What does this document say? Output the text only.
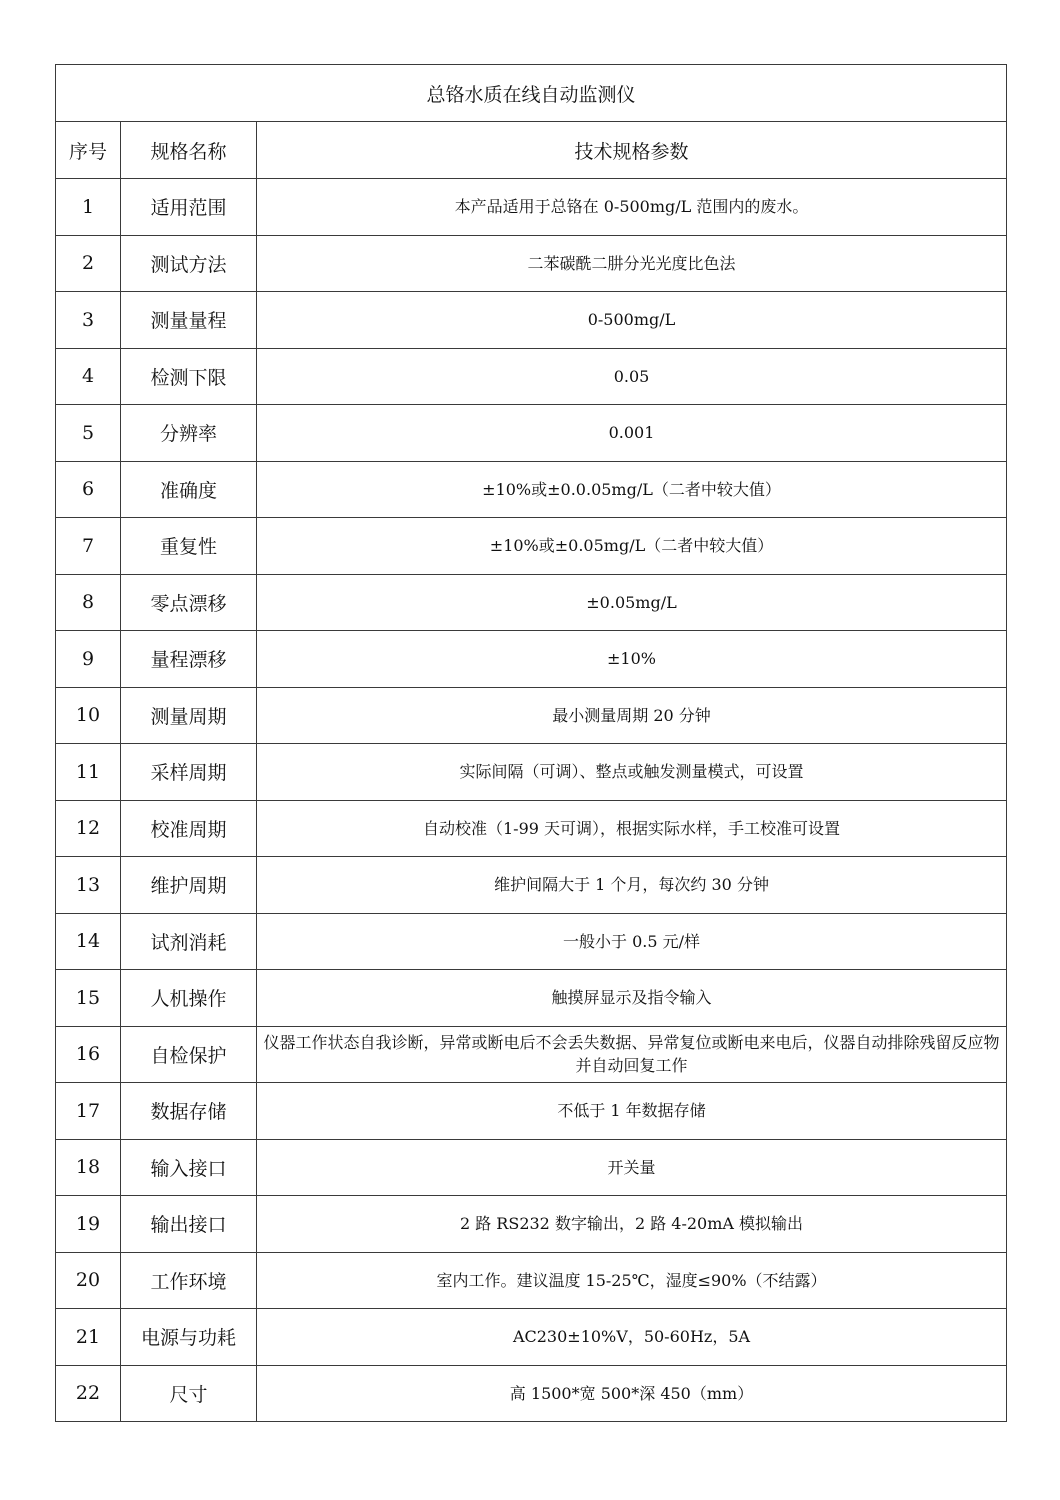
总铬水质在线自动监测仪		
序号	规格名称	技术规格参数
1	适用范围	本产品适用于总铬在 0-500mg/L 范围内的废水。
2	测试方法	二苯碳酰二肼分光光度比色法
3	测量量程	0-500mg/L
4	检测下限	0.05
5	分辨率	0.001
6	准确度	±10%或±0.0.05mg/L（二者中较大值）
7	重复性	±10%或±0.05mg/L（二者中较大值）
8	零点漂移	±0.05mg/L
9	量程漂移	±10%
10	测量周期	最小测量周期 20 分钟
11	采样周期	实际间隔（可调）、整点或触发测量模式，可设置
12	校准周期	自动校准（1-99 天可调），根据实际水样，手工校准可设置
13	维护周期	维护间隔大于 1 个月，每次约 30 分钟
14	试剂消耗	一般小于 0.5 元/样
15	人机操作	触摸屏显示及指令输入
16	自检保护	仪器工作状态自我诊断，异常或断电后不会丢失数据、异常复位或断电来电后，仪器自动排除残留反应物并自动回复工作
17	数据存储	不低于 1 年数据存储
18	输入接口	开关量
19	输出接口	2 路 RS232 数字输出，2 路 4-20mA 模拟输出
20	工作环境	室内工作。建议温度 15-25℃，湿度≤90%（不结露）
21	电源与功耗	AC230±10%V，50-60Hz，5A
22	尺寸	高 1500*宽 500*深 450（mm）
